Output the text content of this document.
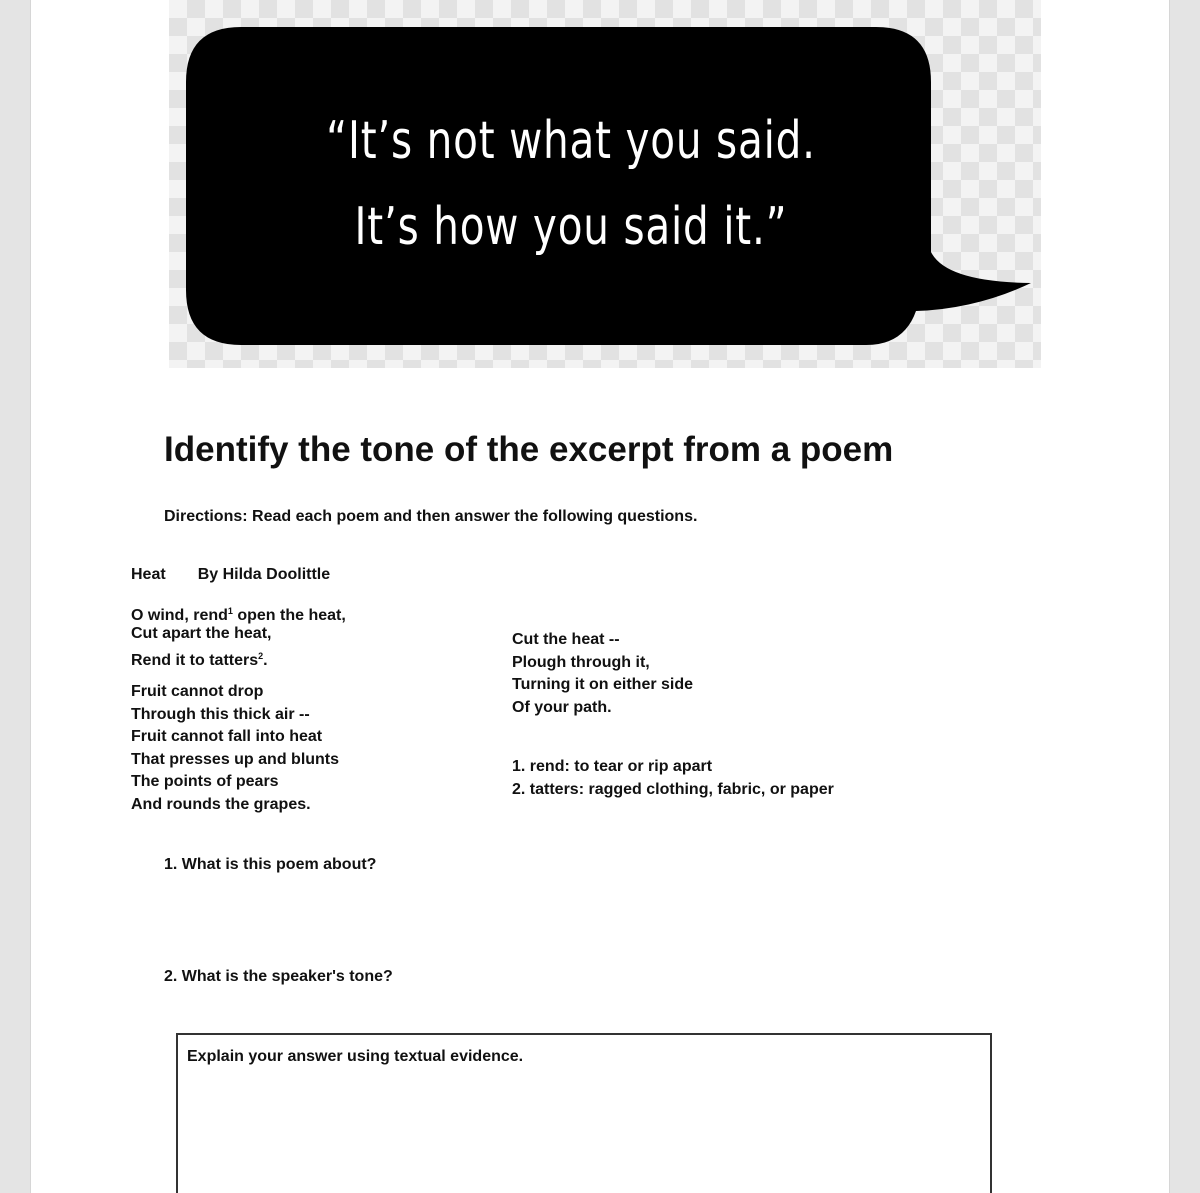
“It’s not what you said.
It’s how you said it.”
Identify the tone of the excerpt from a poem
Directions: Read each poem and then answer the following questions.
Heat By Hilda Doolittle
O wind, rend$^1$ open the heat,
Cut apart the heat,
Rend it to tatters$^2$.
Fruit cannot drop
Through this thick air --
Fruit cannot fall into heat
That presses up and blunts
The points of pears
And rounds the grapes.
Cut the heat --
Plough through it,
Turning it on either side
Of your path.
1. rend: to tear or rip apart
2. tatters: ragged clothing, fabric, or paper
1. What is this poem about?
2. What is the speaker's tone?
Explain your answer using textual evidence.
